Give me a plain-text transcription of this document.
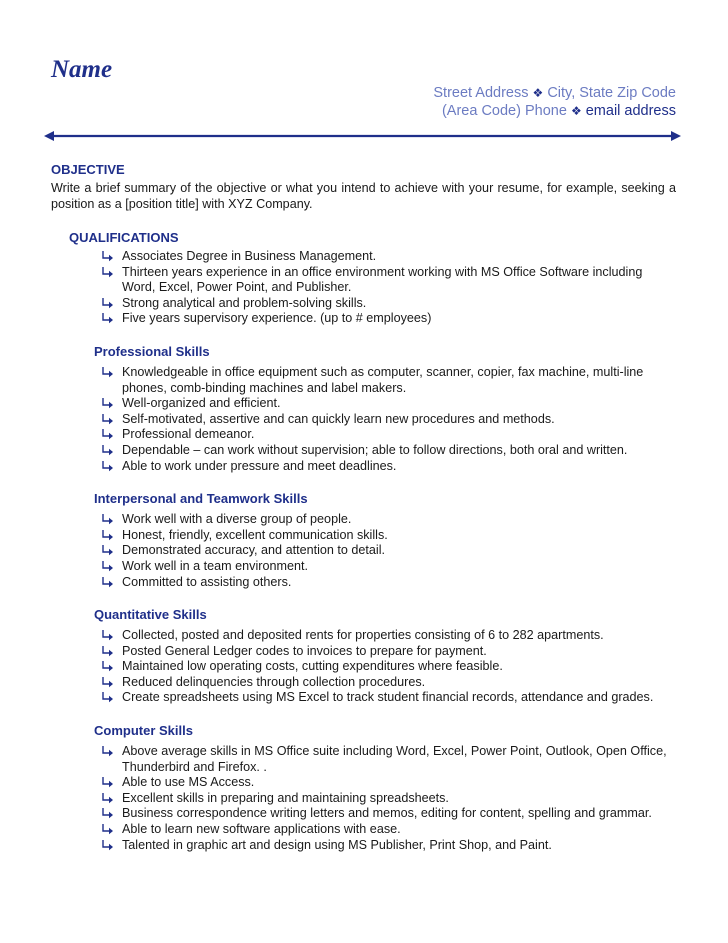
Name
Street Address ❖ City, State Zip Code
(Area Code) Phone ❖ email address
OBJECTIVE

Write a brief summary of the objective or what you intend to achieve with your resume, for example, seeking a position as a [position title] with XYZ Company.

QUALIFICATIONS
Associates Degree in Business Management.
Thirteen years experience in an office environment working with MS Office Software including Word, Excel, Power Point, and Publisher.
Strong analytical and problem-solving skills.
Five years supervisory experience. (up to # employees)
Professional Skills
Knowledgeable in office equipment such as computer, scanner, copier, fax machine, multi-line phones, comb-binding machines and label makers.
Well-organized and efficient.
Self-motivated, assertive and can quickly learn new procedures and methods.
Professional demeanor.
Dependable – can work without supervision; able to follow directions, both oral and written.
Able to work under pressure and meet deadlines.
Interpersonal and Teamwork Skills
Work well with a diverse group of people.
Honest, friendly, excellent communication skills.
Demonstrated accuracy, and attention to detail.
Work well in a team environment.
Committed to assisting others.
Quantitative Skills
Collected, posted and deposited rents for properties consisting of 6 to 282 apartments.
Posted General Ledger codes to invoices to prepare for payment.
Maintained low operating costs, cutting expenditures where feasible.
Reduced delinquencies through collection procedures.
Create spreadsheets using MS Excel to track student financial records, attendance and grades.
Computer Skills
Above average skills in MS Office suite including Word, Excel, Power Point, Outlook, Open Office, Thunderbird and Firefox. .
Able to use MS Access.
Excellent skills in preparing and maintaining spreadsheets.
Business correspondence writing letters and memos, editing for content, spelling and grammar.
Able to learn new software applications with ease.
Talented in graphic art and design using MS Publisher, Print Shop, and Paint.
